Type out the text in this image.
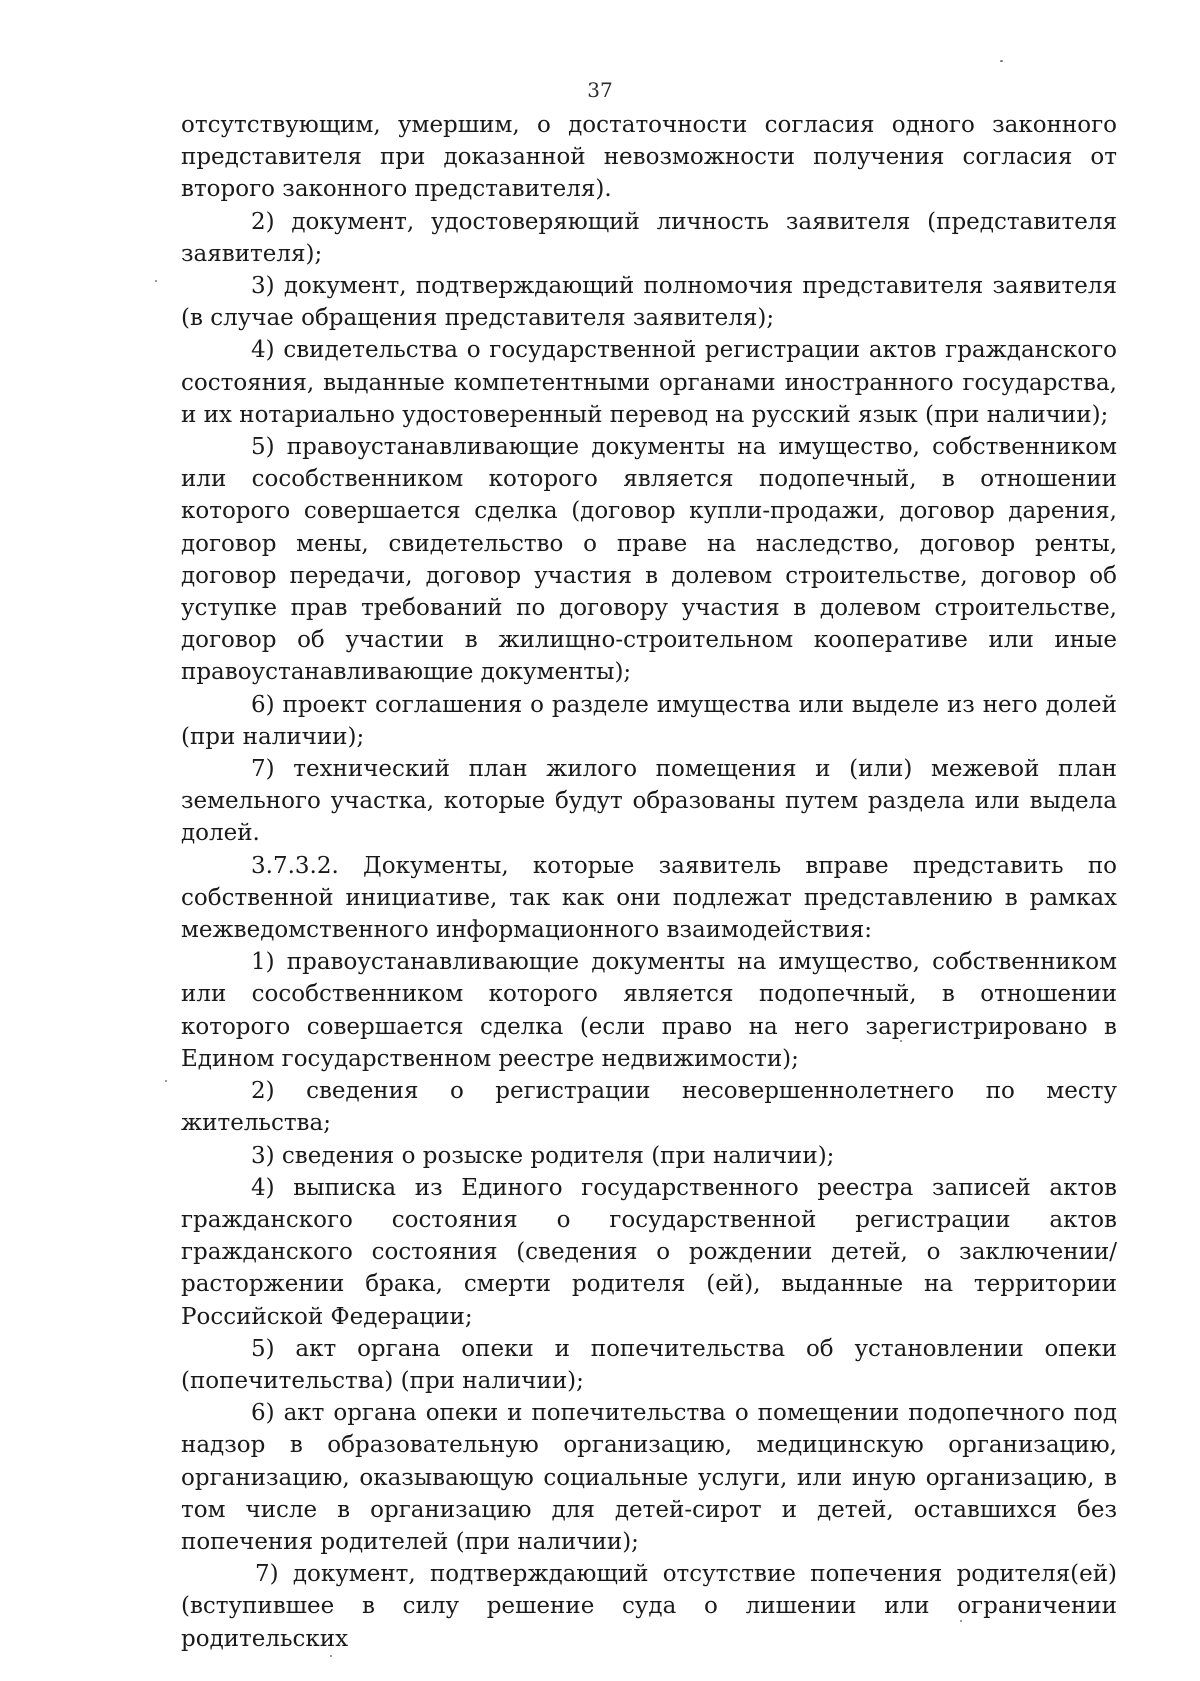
37

отсутствующим, умершим, о достаточности согласия одного законного представителя при доказанной невозможности получения согласия от второго законного представителя).

2) документ, удостоверяющий личность заявителя (представителя заявителя);

3) документ, подтверждающий полномочия представителя заявителя (в случае обращения представителя заявителя);

4) свидетельства о государственной регистрации актов гражданского состояния, выданные компетентными органами иностранного государства, и их нотариально удостоверенный перевод на русский язык (при наличии);

5) правоустанавливающие документы на имущество, собственником или сособственником которого является подопечный, в отношении которого совершается сделка (договор купли-продажи, договор дарения, договор мены, свидетельство о праве на наследство, договор ренты, договор передачи, договор участия в долевом строительстве, договор об уступке прав требований по договору участия в долевом строительстве, договор об участии в жилищно-строительном кооперативе или иные правоустанавливающие документы);

6) проект соглашения о разделе имущества или выделе из него долей (при наличии);

7) технический план жилого помещения и (или) межевой план земельного участка, которые будут образованы путем раздела или выдела долей.

3.7.3.2. Документы, которые заявитель вправе представить по собственной инициативе, так как они подлежат представлению в рамках межведомственного информационного взаимодействия:

1) правоустанавливающие документы на имущество, собственником или сособственником которого является подопечный, в отношении которого совершается сделка (если право на него зарегистрировано в Едином государственном реестре недвижимости);

2) сведения о регистрации несовершеннолетнего по месту жительства;

3) сведения о розыске родителя (при наличии);

4) выписка из Единого государственного реестра записей актов гражданского состояния о государственной регистрации актов гражданского состояния (сведения о рождении детей, о заключении/расторжении брака, смерти родителя (ей), выданные на территории Российской Федерации;

5) акт органа опеки и попечительства об установлении опеки (попечительства) (при наличии);

6) акт органа опеки и попечительства о помещении подопечного под надзор в образовательную организацию, медицинскую организацию, организацию, оказывающую социальные услуги, или иную организацию, в том числе в организацию для детей-сирот и детей, оставшихся без попечения родителей (при наличии);

7) документ, подтверждающий отсутствие попечения родителя(ей) (вступившее в силу решение суда о лишении или ограничении родительских
